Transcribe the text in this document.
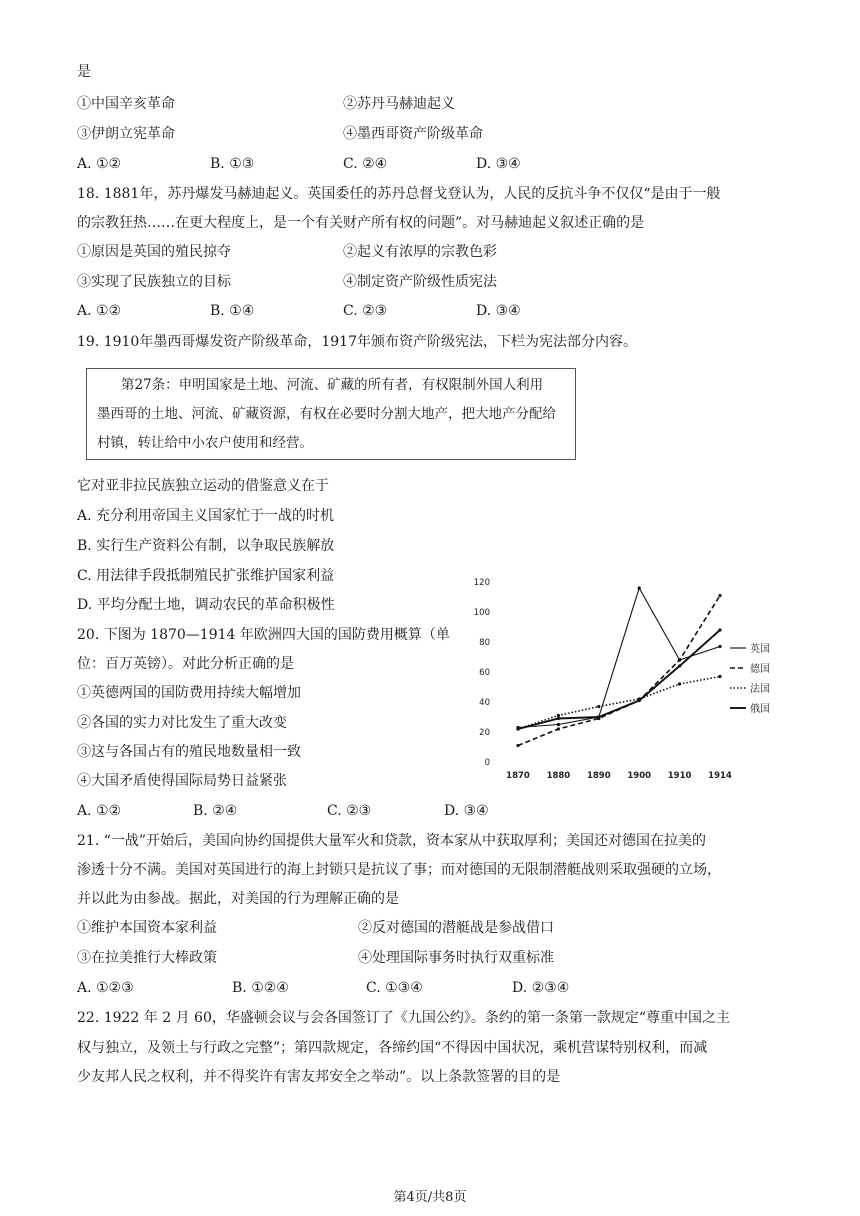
是
①中国辛亥革命	②苏丹马赫迪起义
③伊朗立宪革命	④墨西哥资产阶级革命
A. ①②	B. ①③	C. ②④	D. ③④
18. 1881年，苏丹爆发马赫迪起义。英国委任的苏丹总督戈登认为，人民的反抗斗争不仅仅“是由于一般
的宗教狂热……在更大程度上，是一个有关财产所有权的问题”。对马赫迪起义叙述正确的是
①原因是英国的殖民掠夺	②起义有浓厚的宗教色彩
③实现了民族独立的目标	④制定资产阶级性质宪法
A. ①②	B. ①④	C. ②③	D. ③④
19. 1910年墨西哥爆发资产阶级革命，1917年颁布资产阶级宪法，下栏为宪法部分内容。
第27条：申明国家是土地、河流、矿藏的所有者，有权限制外国人利用
墨西哥的土地、河流、矿藏资源，有权在必要时分割大地产，把大地产分配给
村镇，转让给中小农户使用和经营。
它对亚非拉民族独立运动的借鉴意义在于
A. 充分利用帝国主义国家忙于一战的时机
B. 实行生产资料公有制，以争取民族解放
C. 用法律手段抵制殖民扩张维护国家利益
D. 平均分配土地，调动农民的革命积极性
20. 下图为 1870—1914 年欧洲四大国的国防费用概算（单
位：百万英镑）。对此分析正确的是
①英德两国的国防费用持续大幅增加
②各国的实力对比发生了重大改变
③这与各国占有的殖民地数量相一致
④大国矛盾使得国际局势日益紧张
A. ①②	B. ②④	C. ②③	D. ③④
0
20
40
60
80
100
120
1870 1880 1890 1900 1910 1914
英国
德国
法国
俄国
21. “一战”开始后，美国向协约国提供大量军火和贷款，资本家从中获取厚利；美国还对德国在拉美的
渗透十分不满。美国对英国进行的海上封锁只是抗议了事；而对德国的无限制潜艇战则采取强硬的立场，
并以此为由参战。据此，对美国的行为理解正确的是
①维护本国资本家利益	②反对德国的潜艇战是参战借口
③在拉美推行大棒政策	④处理国际事务时执行双重标准
A. ①②③	B. ①②④	C. ①③④	D. ②③④
22. 1922 年 2 月 60，华盛顿会议与会各国签订了《九国公约》。条约的第一条第一款规定“尊重中国之主
权与独立，及领土与行政之完整”；第四款规定，各缔约国“不得因中国状况，乘机营谋特别权利，而减
少友邦人民之权利，并不得奖许有害友邦安全之举动”。以上条款签署的目的是
第4页/共8页
